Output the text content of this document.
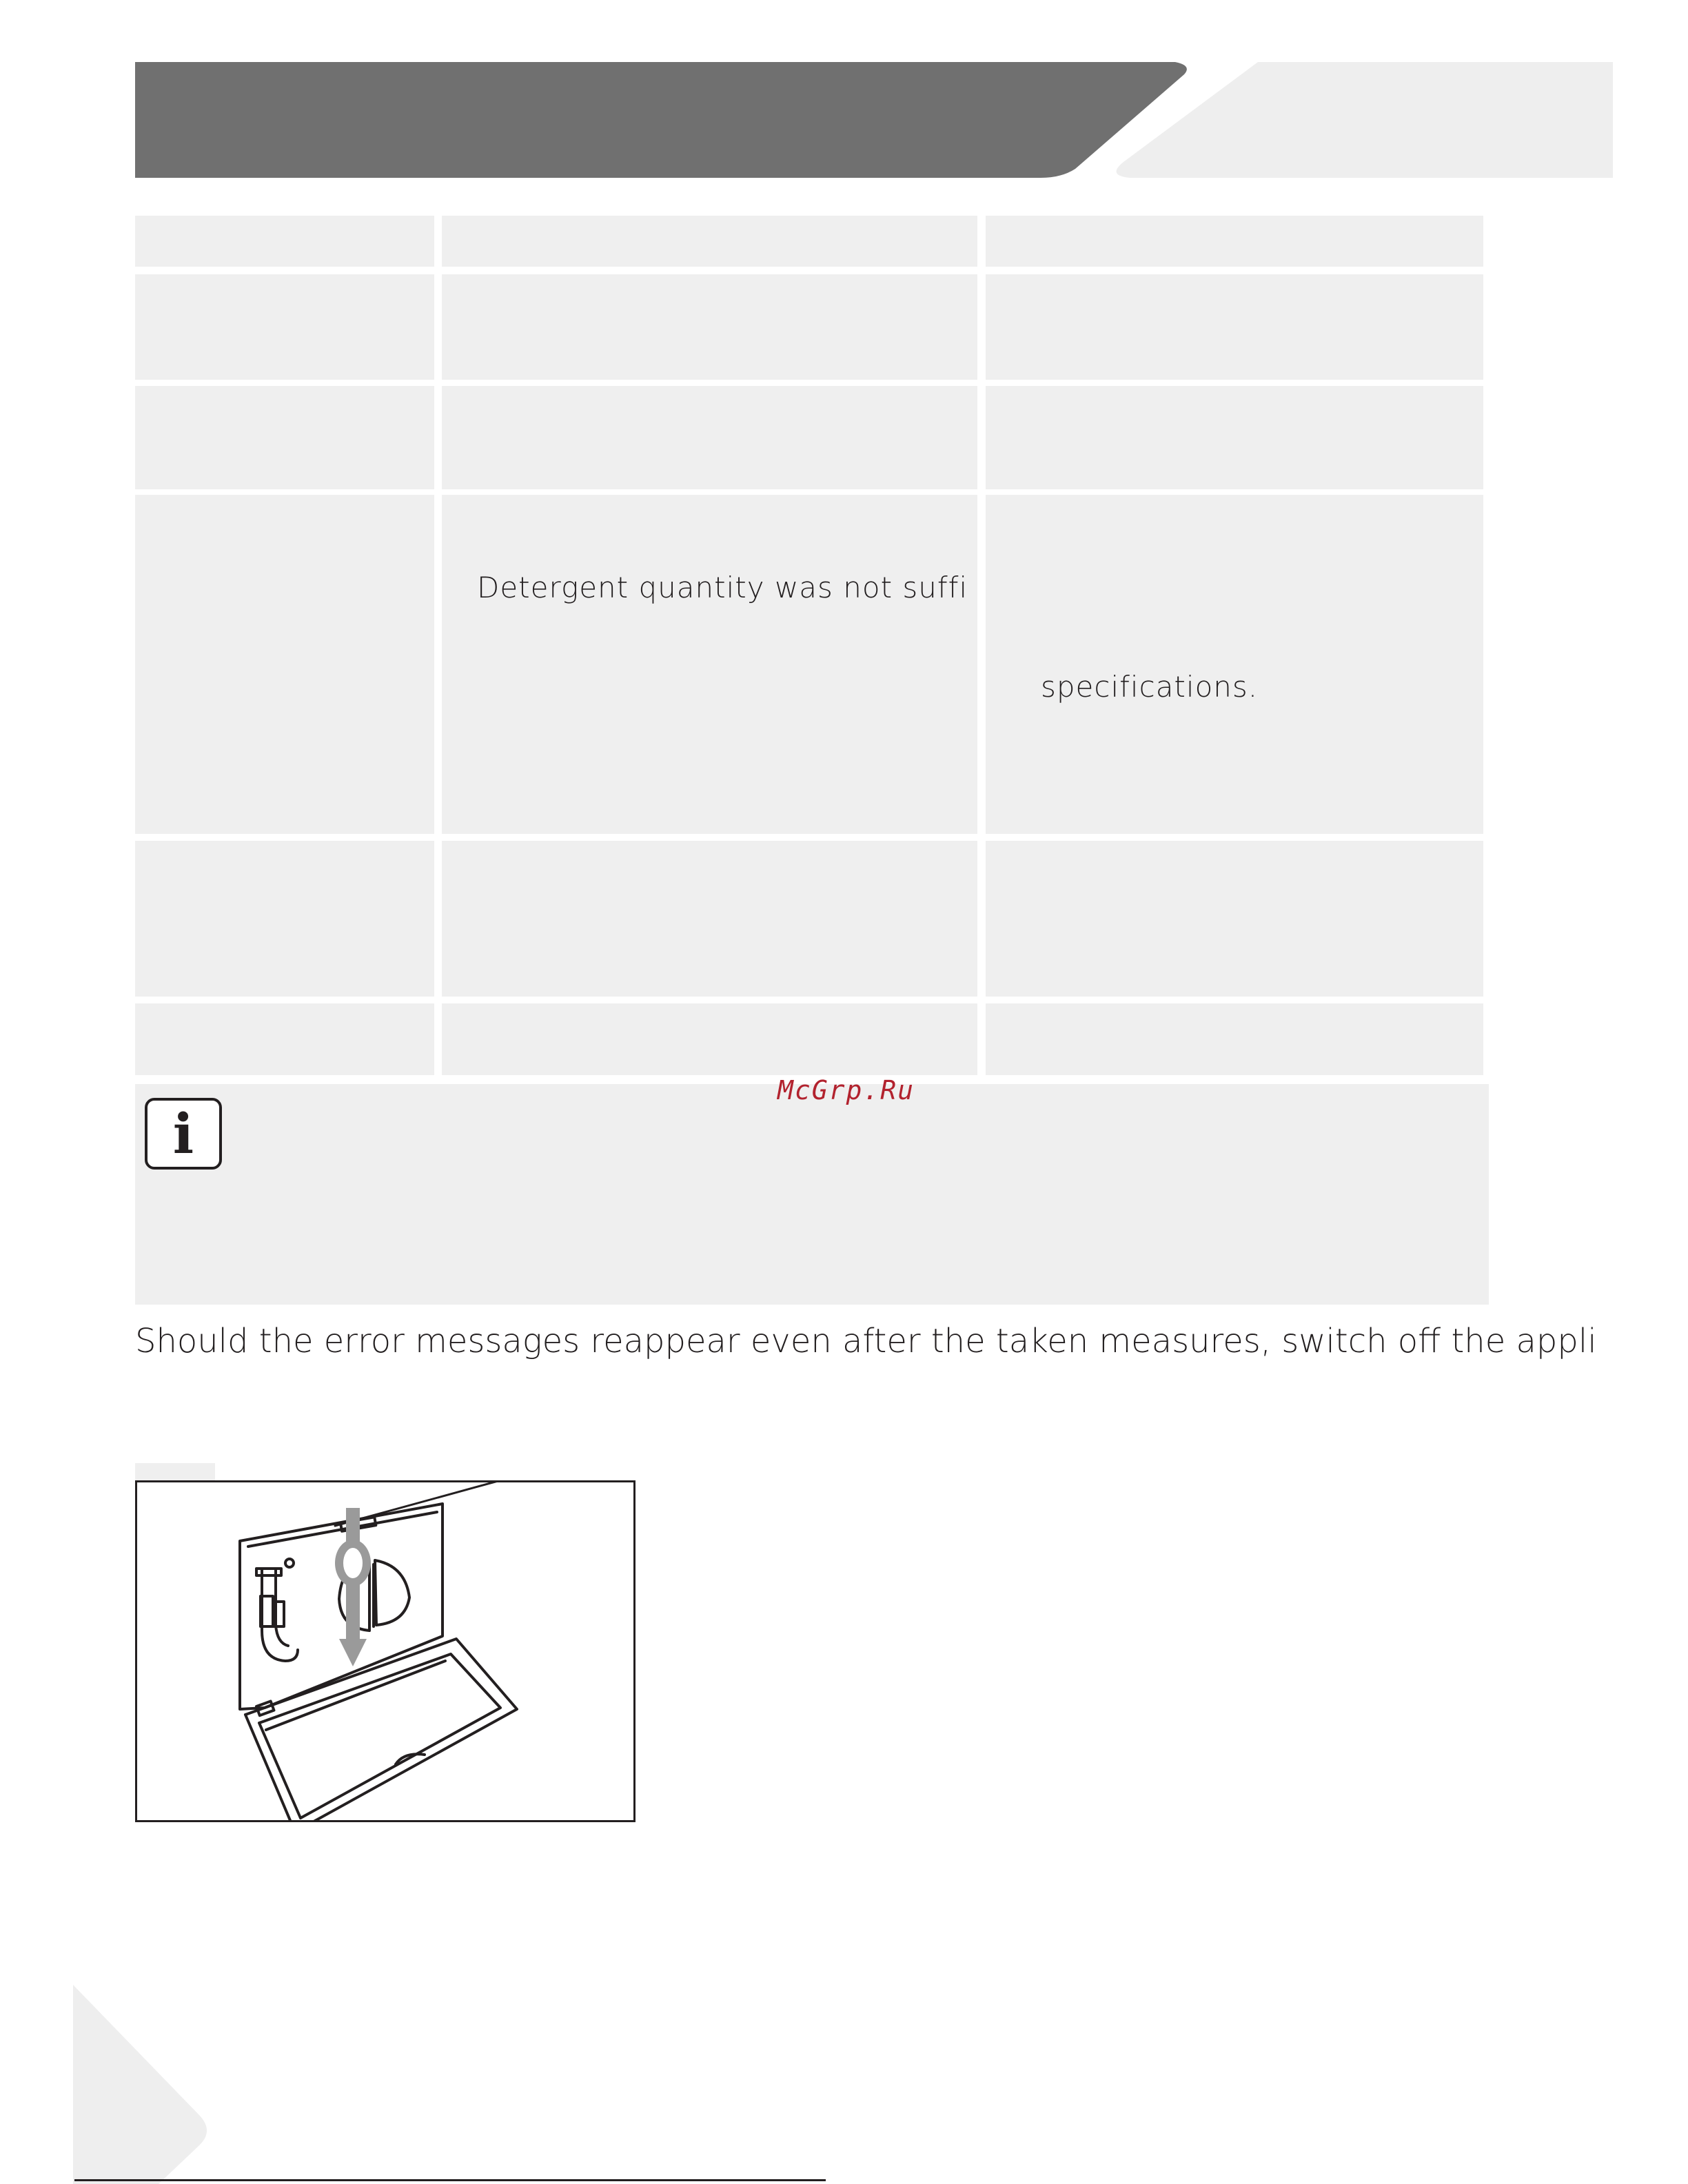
Detergent quantity was not suffi
specifications.
i
McGrp.Ru
Should the error messages reappear even after the taken measures, switch off the appli
